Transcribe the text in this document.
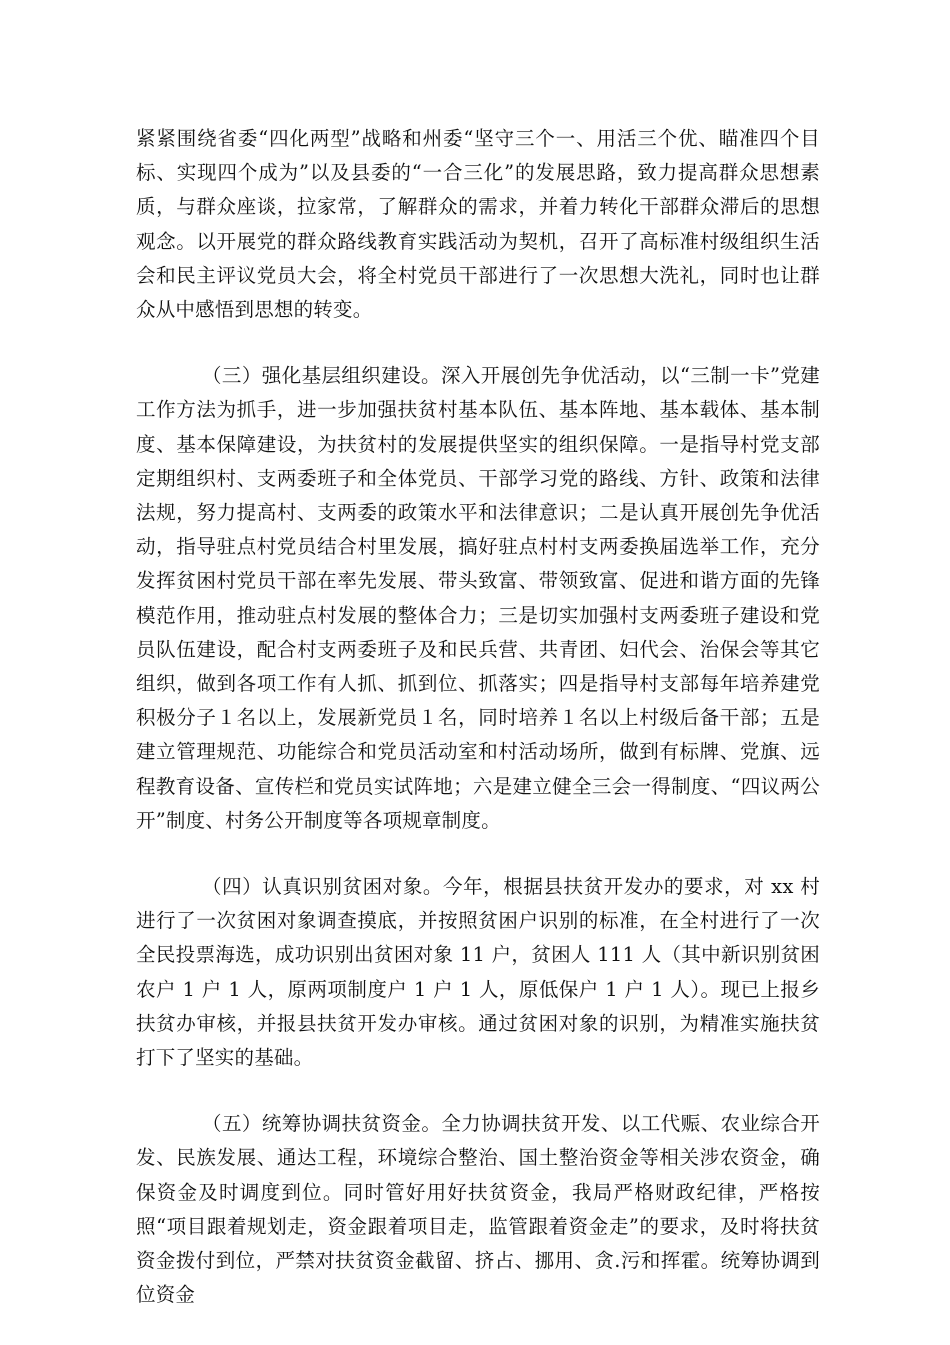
紧紧围绕省委“四化两型”战略和州委“坚守三个一、用活三个优、瞄准四个目标、实现四个成为”以及县委的“一合三化”的发展思路，致力提高群众思想素质，与群众座谈，拉家常，了解群众的需求，并着力转化干部群众滞后的思想观念。以开展党的群众路线教育实践活动为契机，召开了高标准村级组织生活会和民主评议党员大会，将全村党员干部进行了一次思想大洗礼，同时也让群众从中感悟到思想的转变。

（三）强化基层组织建设。深入开展创先争优活动，以“三制一卡”党建工作方法为抓手，进一步加强扶贫村基本队伍、基本阵地、基本载体、基本制度、基本保障建设，为扶贫村的发展提供坚实的组织保障。一是指导村党支部定期组织村、支两委班子和全体党员、干部学习党的路线、方针、政策和法律法规，努力提高村、支两委的政策水平和法律意识；二是认真开展创先争优活动，指导驻点村党员结合村里发展，搞好驻点村村支两委换届选举工作，充分发挥贫困村党员干部在率先发展、带头致富、带领致富、促进和谐方面的先锋模范作用，推动驻点村发展的整体合力；三是切实加强村支两委班子建设和党员队伍建设，配合村支两委班子及和民兵营、共青团、妇代会、治保会等其它组织，做到各项工作有人抓、抓到位、抓落实；四是指导村支部每年培养建党积极分子１名以上，发展新党员１名，同时培养１名以上村级后备干部；五是建立管理规范、功能综合和党员活动室和村活动场所，做到有标牌、党旗、远程教育设备、宣传栏和党员实试阵地；六是建立健全三会一得制度、“四议两公开”制度、村务公开制度等各项规章制度。

（四）认真识别贫困对象。今年，根据县扶贫开发办的要求，对 xx 村进行了一次贫困对象调查摸底，并按照贫困户识别的标准，在全村进行了一次全民投票海选，成功识别出贫困对象 11 户，贫困人 111 人（其中新识别贫困农户 1 户 1 人，原两项制度户 1 户 1 人，原低保户 1 户 1 人）。现已上报乡扶贫办审核，并报县扶贫开发办审核。通过贫困对象的识别，为精准实施扶贫打下了坚实的基础。

（五）统筹协调扶贫资金。全力协调扶贫开发、以工代赈、农业综合开发、民族发展、通达工程，环境综合整治、国土整治资金等相关涉农资金，确保资金及时调度到位。同时管好用好扶贫资金，我局严格财政纪律，严格按照“项目跟着规划走，资金跟着项目走，监管跟着资金走”的要求，及时将扶贫资金拨付到位，严禁对扶贫资金截留、挤占、挪用、贪.污和挥霍。统筹协调到位资金
